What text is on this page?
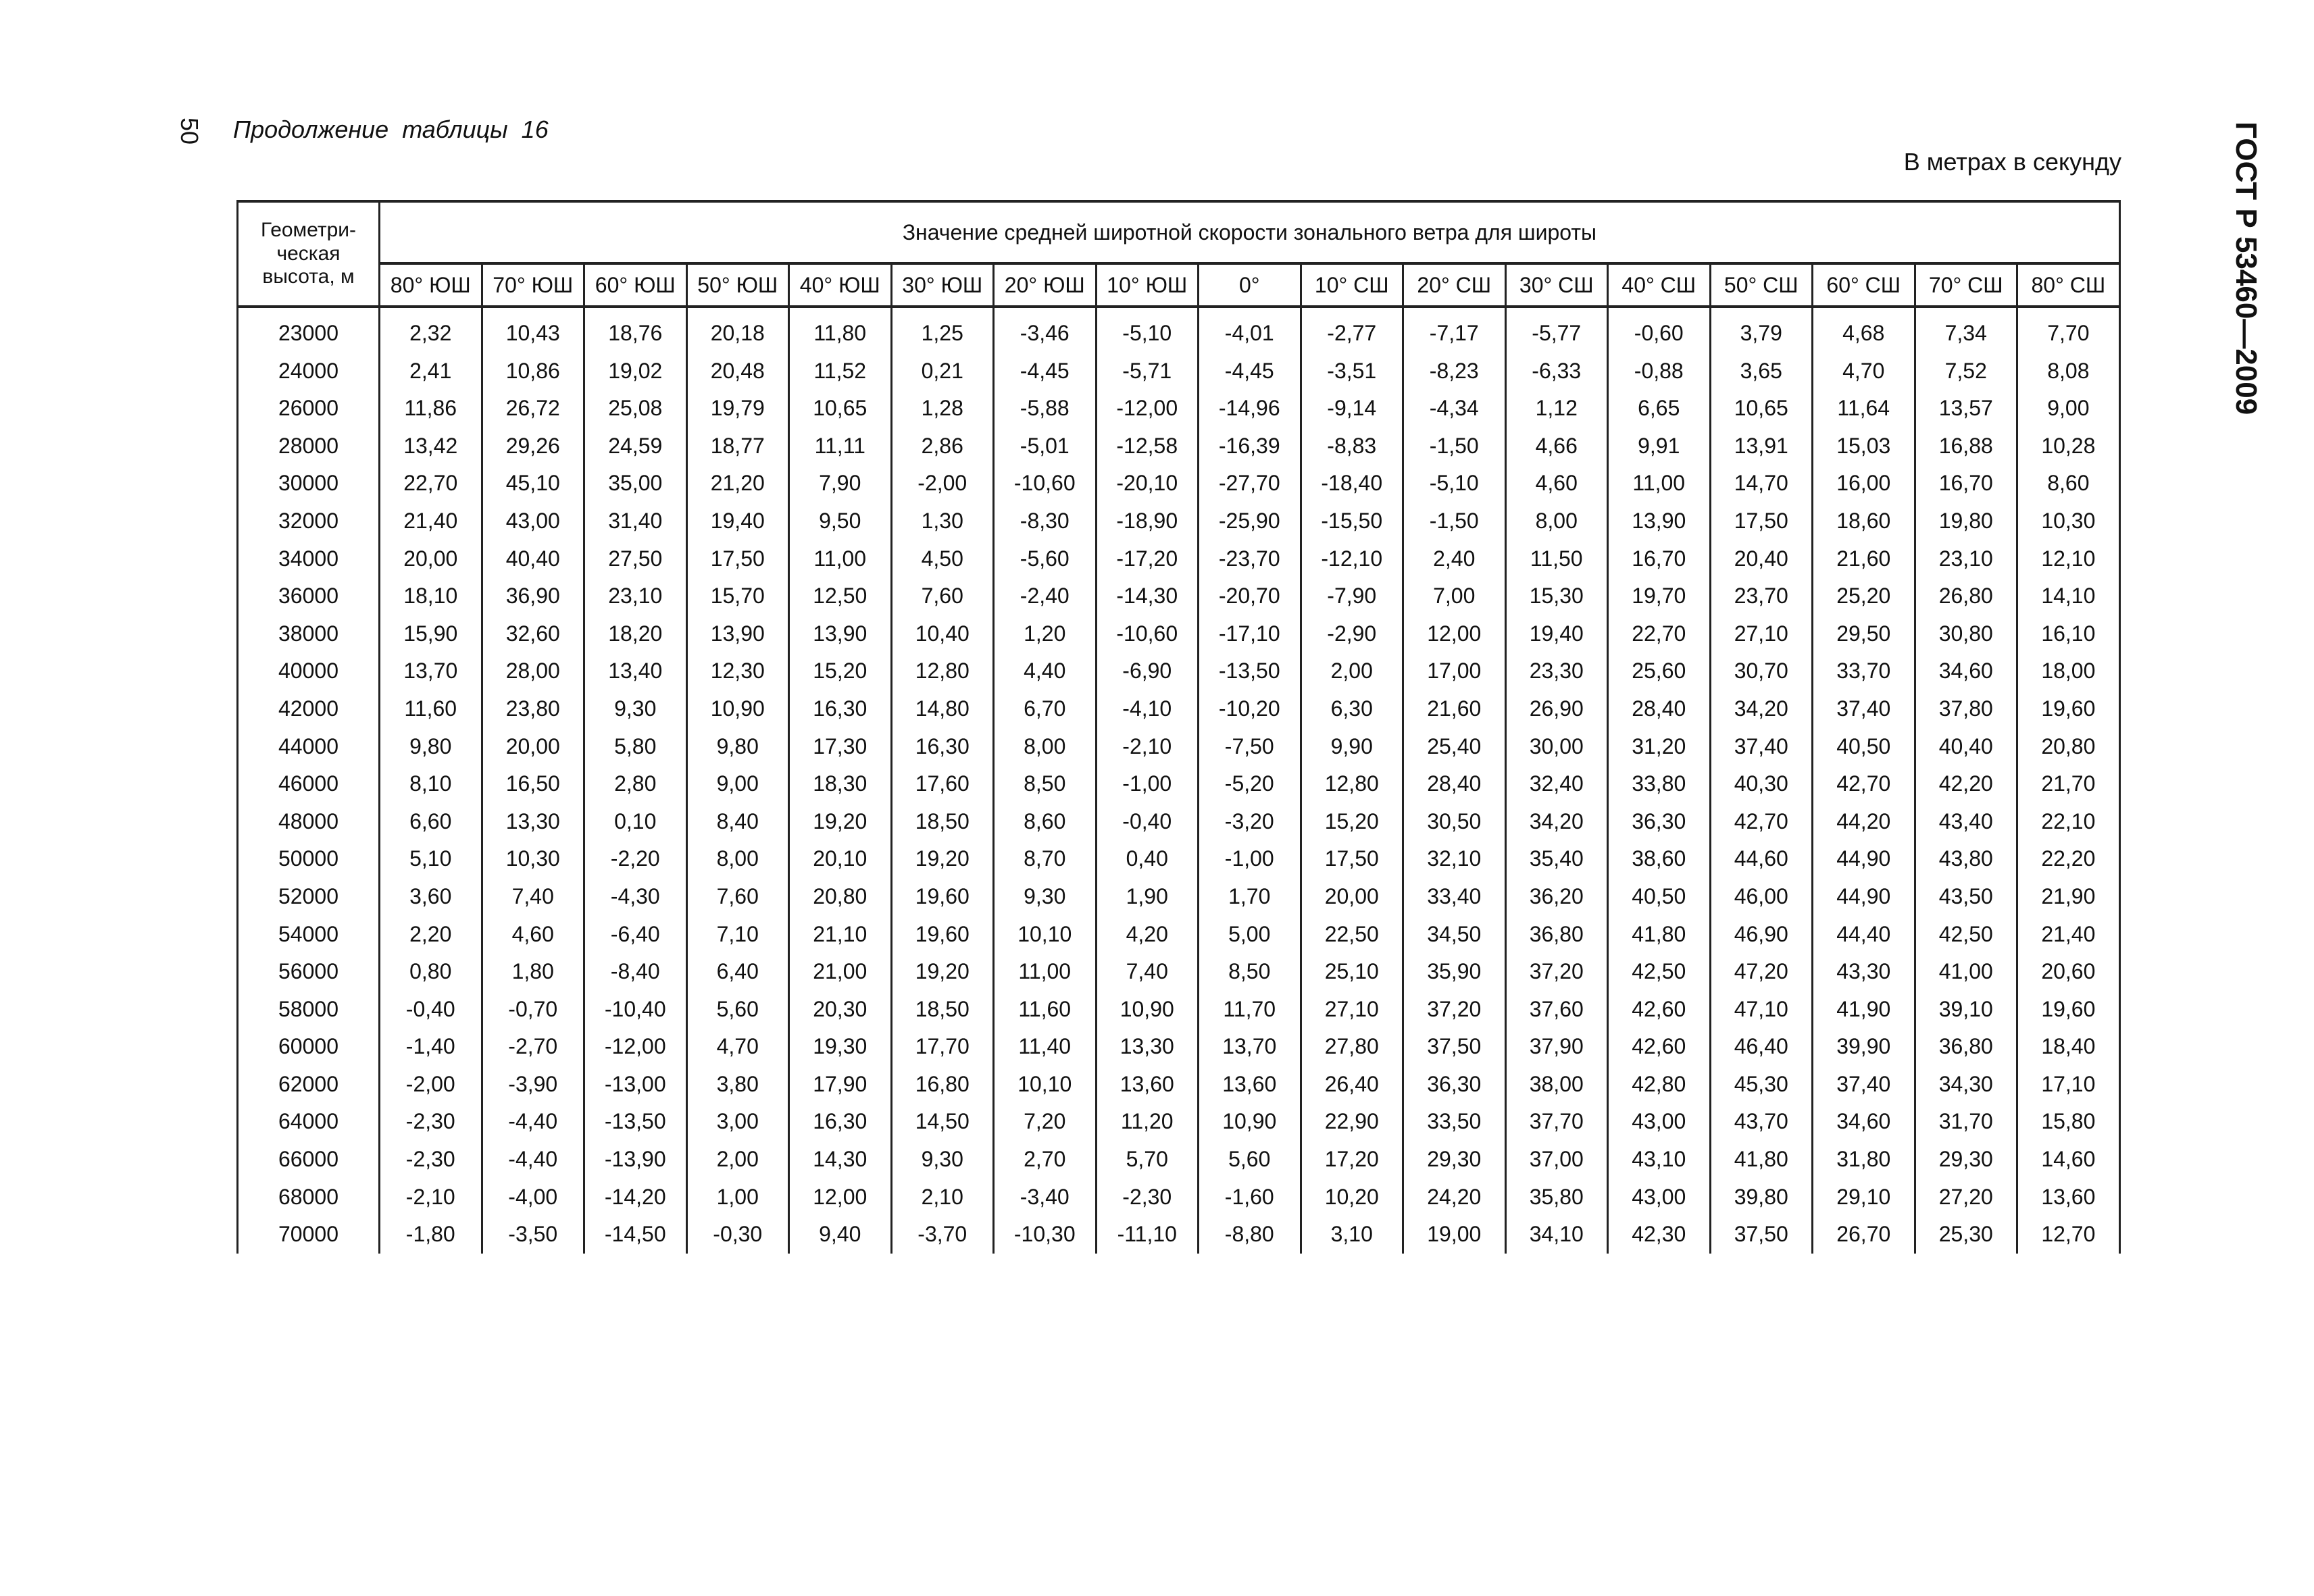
50 Продолжение таблицы 16
В метрах в секунду	ГОСТ Р 53460—2009
Геометри-ческая высота, м	Значение средней широтной скорости зонального ветра для широты																
	80° ЮШ	70° ЮШ	60° ЮШ	50° ЮШ	40° ЮШ	30° ЮШ	20° ЮШ	10° ЮШ	0°	10° СШ	20° СШ	30° СШ	40° СШ	50° СШ	60° СШ	70° СШ	80° СШ

23000	2,32	10,43	18,76	20,18	11,80	1,25	-3,46	-5,10	-4,01	-2,77	-7,17	-5,77	-0,60	3,79	4,68	7,34	7,70
24000	2,41	10,86	19,02	20,48	11,52	0,21	-4,45	-5,71	-4,45	-3,51	-8,23	-6,33	-0,88	3,65	4,70	7,52	8,08
26000	11,86	26,72	25,08	19,79	10,65	1,28	-5,88	-12,00	-14,96	-9,14	-4,34	1,12	6,65	10,65	11,64	13,57	9,00
28000	13,42	29,26	24,59	18,77	11,11	2,86	-5,01	-12,58	-16,39	-8,83	-1,50	4,66	9,91	13,91	15,03	16,88	10,28
30000	22,70	45,10	35,00	21,20	7,90	-2,00	-10,60	-20,10	-27,70	-18,40	-5,10	4,60	11,00	14,70	16,00	16,70	8,60
32000	21,40	43,00	31,40	19,40	9,50	1,30	-8,30	-18,90	-25,90	-15,50	-1,50	8,00	13,90	17,50	18,60	19,80	10,30
34000	20,00	40,40	27,50	17,50	11,00	4,50	-5,60	-17,20	-23,70	-12,10	2,40	11,50	16,70	20,40	21,60	23,10	12,10
36000	18,10	36,90	23,10	15,70	12,50	7,60	-2,40	-14,30	-20,70	-7,90	7,00	15,30	19,70	23,70	25,20	26,80	14,10
38000	15,90	32,60	18,20	13,90	13,90	10,40	1,20	-10,60	-17,10	-2,90	12,00	19,40	22,70	27,10	29,50	30,80	16,10
40000	13,70	28,00	13,40	12,30	15,20	12,80	4,40	-6,90	-13,50	2,00	17,00	23,30	25,60	30,70	33,70	34,60	18,00
42000	11,60	23,80	9,30	10,90	16,30	14,80	6,70	-4,10	-10,20	6,30	21,60	26,90	28,40	34,20	37,40	37,80	19,60
44000	9,80	20,00	5,80	9,80	17,30	16,30	8,00	-2,10	-7,50	9,90	25,40	30,00	31,20	37,40	40,50	40,40	20,80
46000	8,10	16,50	2,80	9,00	18,30	17,60	8,50	-1,00	-5,20	12,80	28,40	32,40	33,80	40,30	42,70	42,20	21,70
48000	6,60	13,30	0,10	8,40	19,20	18,50	8,60	-0,40	-3,20	15,20	30,50	34,20	36,30	42,70	44,20	43,40	22,10
50000	5,10	10,30	-2,20	8,00	20,10	19,20	8,70	0,40	-1,00	17,50	32,10	35,40	38,60	44,60	44,90	43,80	22,20
52000	3,60	7,40	-4,30	7,60	20,80	19,60	9,30	1,90	1,70	20,00	33,40	36,20	40,50	46,00	44,90	43,50	21,90
54000	2,20	4,60	-6,40	7,10	21,10	19,60	10,10	4,20	5,00	22,50	34,50	36,80	41,80	46,90	44,40	42,50	21,40
56000	0,80	1,80	-8,40	6,40	21,00	19,20	11,00	7,40	8,50	25,10	35,90	37,20	42,50	47,20	43,30	41,00	20,60
58000	-0,40	-0,70	-10,40	5,60	20,30	18,50	11,60	10,90	11,70	27,10	37,20	37,60	42,60	47,10	41,90	39,10	19,60
60000	-1,40	-2,70	-12,00	4,70	19,30	17,70	11,40	13,30	13,70	27,80	37,50	37,90	42,60	46,40	39,90	36,80	18,40
62000	-2,00	-3,90	-13,00	3,80	17,90	16,80	10,10	13,60	13,60	26,40	36,30	38,00	42,80	45,30	37,40	34,30	17,10
64000	-2,30	-4,40	-13,50	3,00	16,30	14,50	7,20	11,20	10,90	22,90	33,50	37,70	43,00	43,70	34,60	31,70	15,80
66000	-2,30	-4,40	-13,90	2,00	14,30	9,30	2,70	5,70	5,60	17,20	29,30	37,00	43,10	41,80	31,80	29,30	14,60
68000	-2,10	-4,00	-14,20	1,00	12,00	2,10	-3,40	-2,30	-1,60	10,20	24,20	35,80	43,00	39,80	29,10	27,20	13,60
70000	-1,80	-3,50	-14,50	-0,30	9,40	-3,70	-10,30	-11,10	-8,80	3,10	19,00	34,10	42,30	37,50	26,70	25,30	12,70
